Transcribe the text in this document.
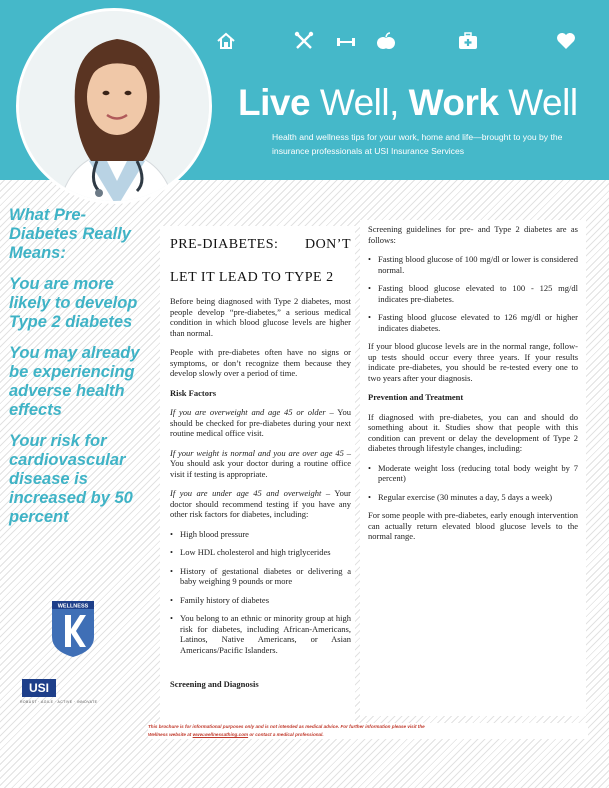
Live Well, Work Well
Health and wellness tips for your work, home and life—brought to you by the insurance professionals at USI Insurance Services
What Pre-Diabetes Really Means:
You are more likely to develop Type 2 diabetes
You may already be experiencing adverse health effects
Your risk for cardiovascular disease is increased by 50 percent
WELLNESS
USI
ROBUST · AGILE · ACTIVE · INNOVATE
PRE-DIABETES: DON’T
LET IT LEAD TO TYPE 2

Before being diagnosed with Type 2 diabetes, most people develop “pre-diabetes,” a serious medical condition in which blood glucose levels are higher than normal.

People with pre-diabetes often have no signs or symptoms, or don’t recognize them because they develop slowly over a period of time.

Risk Factors

If you are overweight and age 45 or older – You should be checked for pre-diabetes during your next routine medical office visit.

If your weight is normal and you are over age 45 – You should ask your doctor during a routine office visit if testing is appropriate.

If you are under age 45 and overweight – Your doctor should recommend testing if you have any other risk factors for diabetes, including:

• High blood pressure
• Low HDL cholesterol and high triglycerides
• History of gestational diabetes or delivering a baby weighing 9 pounds or more
• Family history of diabetes
• You belong to an ethnic or minority group at high risk for diabetes, including African-Americans, Latinos, Native Americans, or Asian Americans/Pacific Islanders.

Screening and Diagnosis

Screening guidelines for pre- and Type 2 diabetes are as follows:

• Fasting blood glucose of 100 mg/dl or lower is considered normal.
• Fasting blood glucose elevated to 100 - 125 mg/dl indicates pre-diabetes.
• Fasting blood glucose elevated to 126 mg/dl or higher indicates diabetes.

If your blood glucose levels are in the normal range, follow-up tests should occur every three years. If your results indicate pre-diabetes, you should be re-tested every one to two years after your diagnosis.

Prevention and Treatment

If diagnosed with pre-diabetes, you can and should do something about it. Studies show that people with this condition can prevent or delay the development of Type 2 diabetes through lifestyle changes, including:

• Moderate weight loss (reducing total body weight by 7 percent)
• Regular exercise (30 minutes a day, 5 days a week)

For some people with pre-diabetes, early enough intervention can actually return elevated blood glucose levels to the normal range.

This brochure is for informational purposes only and is not intended as medical advice. For further information please visit the
Wellness website at www.wellnessathing.com or contact a medical professional.
